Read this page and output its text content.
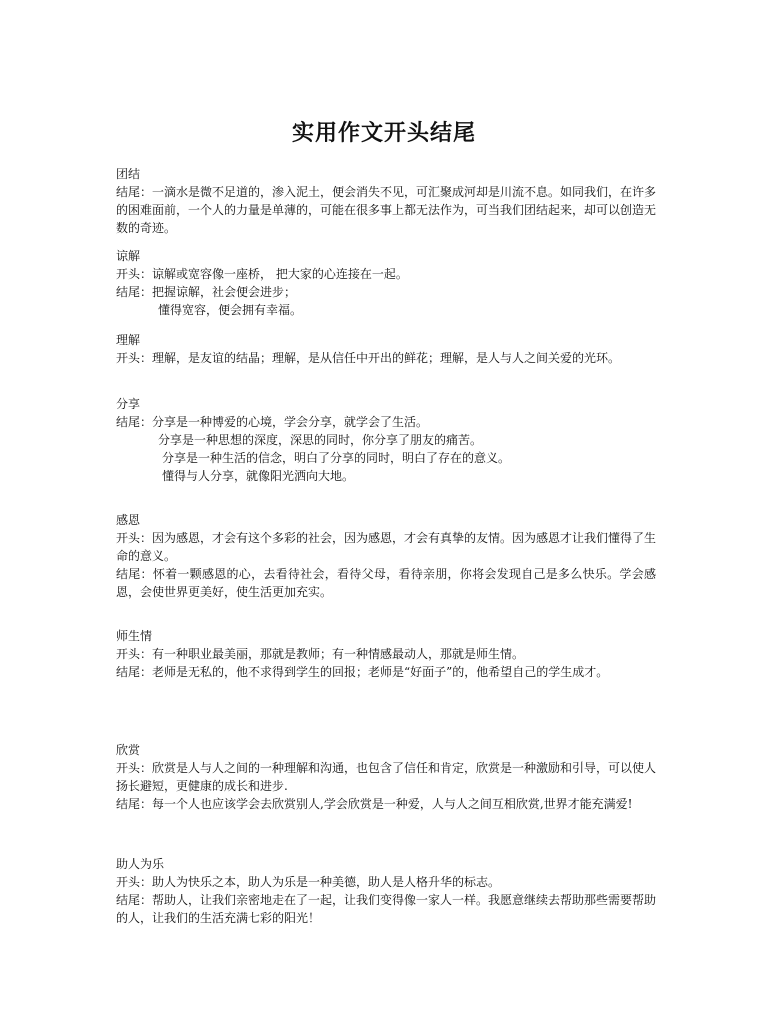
实用作文开头结尾

团结

结尾：一滴水是微不足道的，渗入泥土，便会消失不见，可汇聚成河却是川流不息。如同我们，在许多的困难面前，一个人的力量是单薄的，可能在很多事上都无法作为，可当我们团结起来，却可以创造无数的奇迹。

谅解

开头：谅解或宽容像一座桥， 把大家的心连接在一起。

结尾：把握谅解，社会便会进步；

懂得宽容，便会拥有幸福。

理解

开头：理解，是友谊的结晶；理解，是从信任中开出的鲜花；理解，是人与人之间关爱的光环。

分享

结尾：分享是一种博爱的心境，学会分享，就学会了生活。

分享是一种思想的深度，深思的同时，你分享了朋友的痛苦。

分享是一种生活的信念，明白了分享的同时，明白了存在的意义。

懂得与人分享，就像阳光洒向大地。

感恩

开头：因为感恩，才会有这个多彩的社会，因为感恩，才会有真挚的友情。因为感恩才让我们懂得了生命的意义。

结尾：怀着一颗感恩的心，去看待社会，看待父母，看待亲朋，你将会发现自己是多么快乐。学会感恩，会使世界更美好，使生活更加充实。

师生情

开头：有一种职业最美丽，那就是教师；有一种情感最动人，那就是师生情。

结尾：老师是无私的，他不求得到学生的回报；老师是“好面子”的，他希望自己的学生成才。

欣赏

开头：欣赏是人与人之间的一种理解和沟通，也包含了信任和肯定，欣赏是一种激励和引导，可以使人扬长避短，更健康的成长和进步.

结尾：每一个人也应该学会去欣赏别人,学会欣赏是一种爱，人与人之间互相欣赏,世界才能充满爱!

助人为乐

开头：助人为快乐之本，助人为乐是一种美德，助人是人格升华的标志。

结尾：帮助人，让我们亲密地走在了一起，让我们变得像一家人一样。我愿意继续去帮助那些需要帮助的人，让我们的生活充满七彩的阳光！
